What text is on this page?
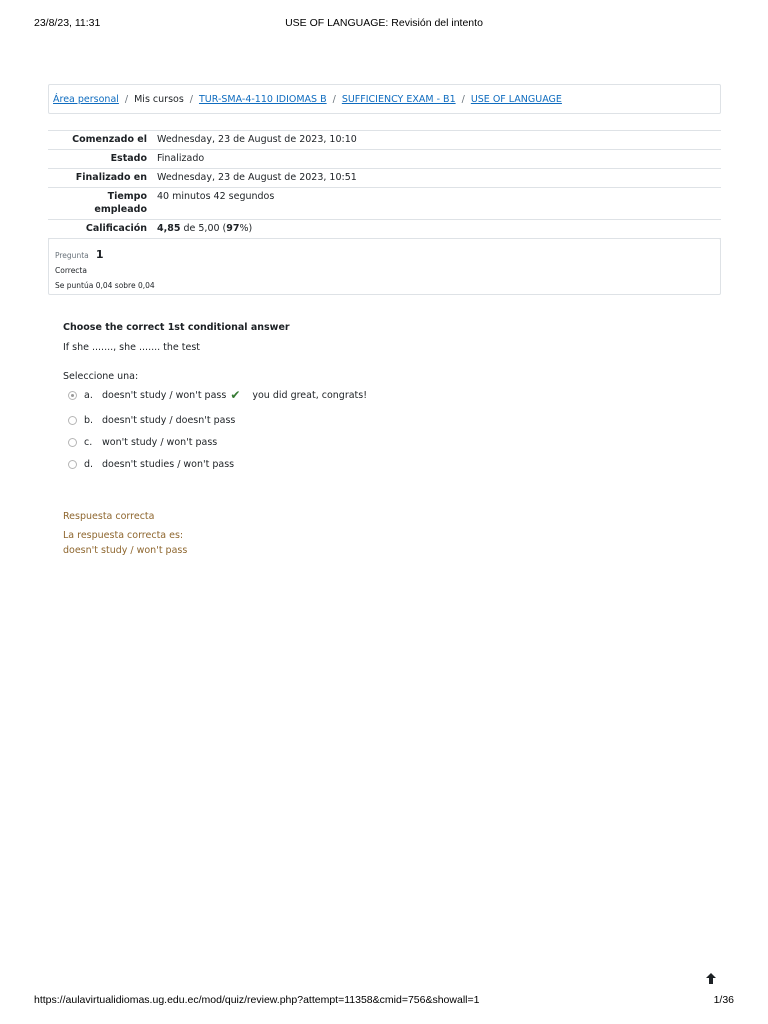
23/8/23, 11:31	USE OF LANGUAGE: Revisión del intento
Área personal / Mis cursos / TUR-SMA-4-110 IDIOMAS B / SUFFICIENCY EXAM - B1 / USE OF LANGUAGE
Comenzado el	Wednesday, 23 de August de 2023, 10:10
Estado	Finalizado
Finalizado en	Wednesday, 23 de August de 2023, 10:51
Tiempo
empleado	40 minutos 42 segundos
Calificación	4,85 de 5,00 (97%)
Pregunta 1
Correcta
Se puntúa 0,04 sobre 0,04
Choose the correct 1st conditional answer
If she ......., she ....... the test
Seleccione una:
a. doesn't study / won't pass ✔ you did great, congrats!
b. doesn't study / doesn't pass
c.	won't study / won't pass
d. doesn't studies / won't pass
Respuesta correcta
La respuesta correcta es:
doesn't study / won't pass
https://aulavirtualidiomas.ug.edu.ec/mod/quiz/review.php?attempt=11358&cmid=756&showall=1	1/36
